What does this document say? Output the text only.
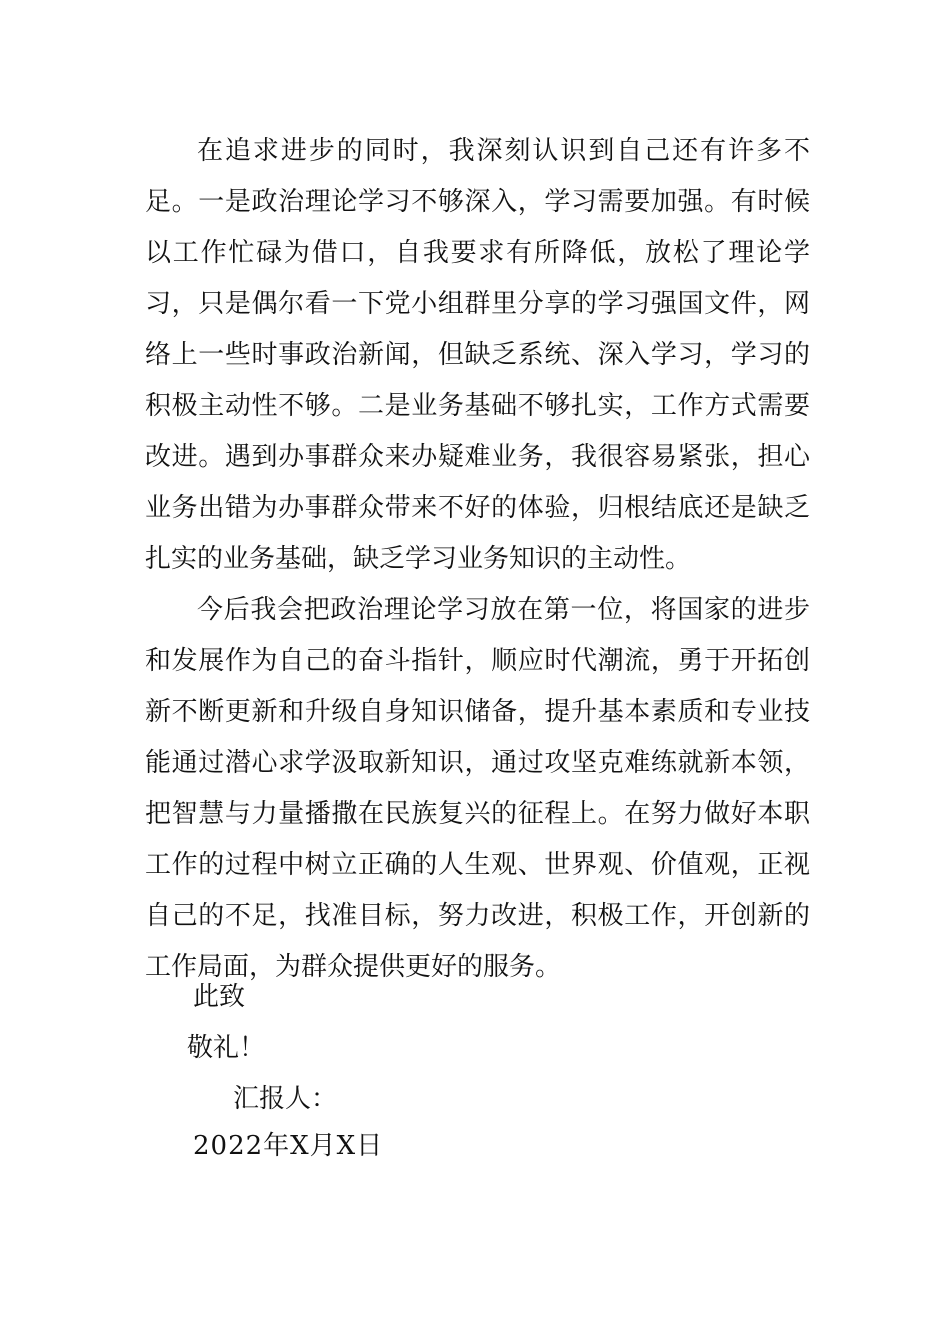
在追求进步的同时，我深刻认识到自己还有许多不足。一是政治理论学习不够深入，学习需要加强。有时候以工作忙碌为借口，自我要求有所降低，放松了理论学习，只是偶尔看一下党小组群里分享的学习强国文件，网络上一些时事政治新闻，但缺乏系统、深入学习，学习的积极主动性不够。二是业务基础不够扎实，工作方式需要改进。遇到办事群众来办疑难业务，我很容易紧张，担心业务出错为办事群众带来不好的体验，归根结底还是缺乏扎实的业务基础，缺乏学习业务知识的主动性。

今后我会把政治理论学习放在第一位，将国家的进步和发展作为自己的奋斗指针，顺应时代潮流，勇于开拓创新不断更新和升级自身知识储备，提升基本素质和专业技能通过潜心求学汲取新知识，通过攻坚克难练就新本领，把智慧与力量播撒在民族复兴的征程上。在努力做好本职工作的过程中树立正确的人生观、世界观、价值观，正视自己的不足，找准目标，努力改进，积极工作，开创新的工作局面，为群众提供更好的服务。

此致

敬礼！

汇报人：

2022年X月X日
